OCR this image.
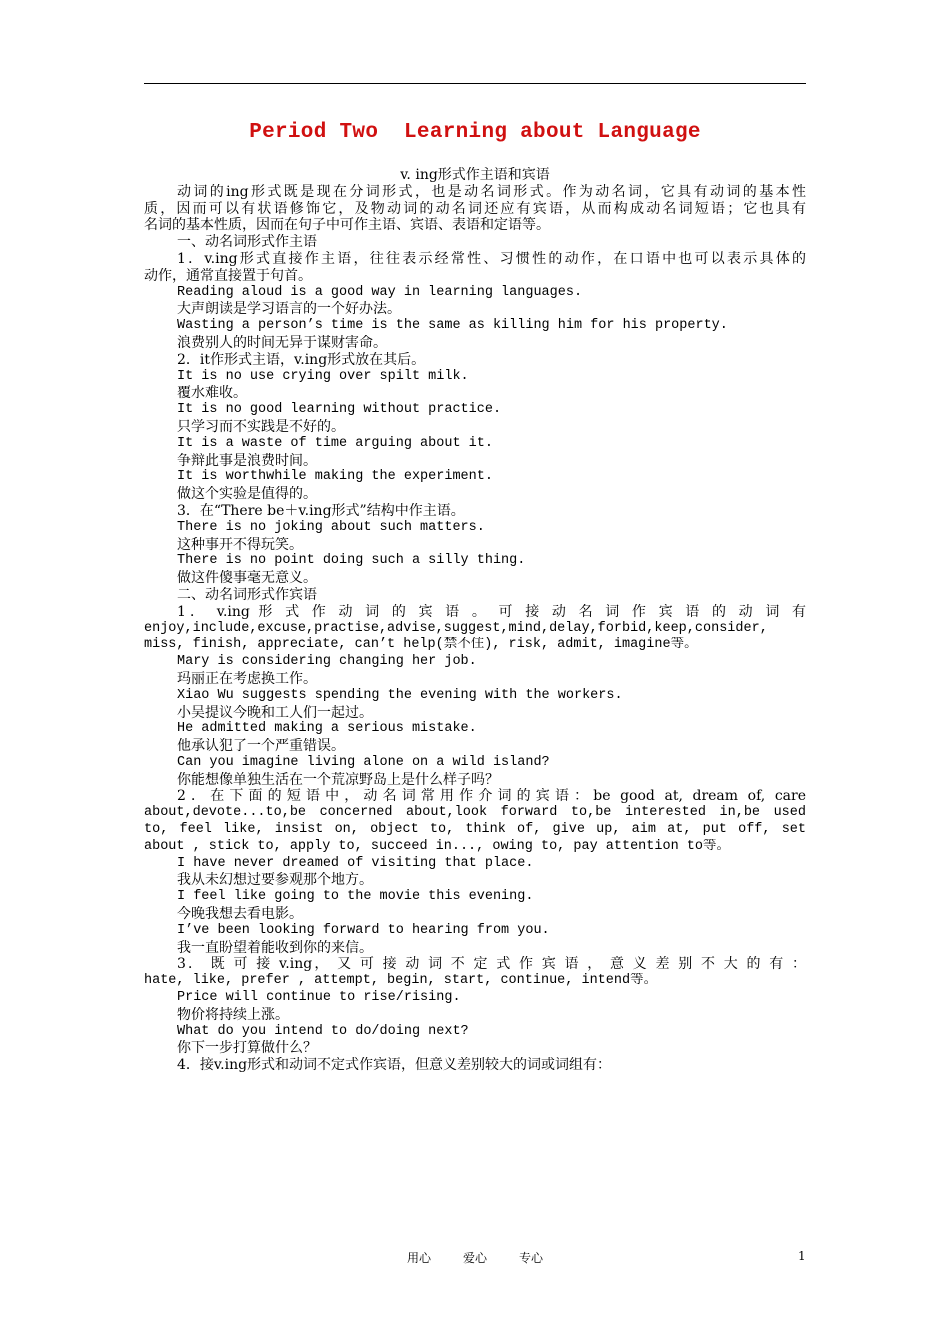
Period Two  Learning about Language
v. ing形式作主语和宾语
动词的ing形式既是现在分词形式，也是动名词形式。作为动名词，它具有动词的基本性
质，因而可以有状语修饰它，及物动词的动名词还应有宾语，从而构成动名词短语；它也具有
名词的基本性质，因而在句子中可作主语、宾语、表语和定语等。
一、动名词形式作主语
1．v.ing形式直接作主语，往往表示经常性、习惯性的动作，在口语中也可以表示具体的
动作，通常直接置于句首。
Reading aloud is a good way in learning languages.
大声朗读是学习语言的一个好办法。
Wasting a person’s time is the same as killing him for his property.
浪费别人的时间无异于谋财害命。
2．it作形式主语，v.ing形式放在其后。
It is no use crying over spilt milk.
覆水难收。
It is no good learning without practice.
只学习而不实践是不好的。
It is a waste of time arguing about it.
争辩此事是浪费时间。
It is worthwhile making the experiment.
做这个实验是值得的。
3．在“There be＋v.ing形式”结构中作主语。
There is no joking about such matters.
这种事开不得玩笑。
There is no point doing such a silly thing.
做这件傻事毫无意义。
二、动名词形式作宾语
1． v.ing 形 式 作 动 词 的 宾 语 。 可 接 动 名 词 作 宾 语 的 动 词 有
enjoy,include,excuse,practise,advise,suggest,mind,delay,forbid,keep,consider,
miss, finish, appreciate, can’t help(禁不住), risk, admit, imagine等。
Mary is considering changing her job.
玛丽正在考虑换工作。
Xiao Wu suggests spending the evening with the workers.
小吴提议今晚和工人们一起过。
He admitted making a serious mistake.
他承认犯了一个严重错误。
Can you imagine living alone on a wild island?
你能想像单独生活在一个荒凉野岛上是什么样子吗？
2．在下面的短语中，动名词常用作介词的宾语：be good at, dream of, care
about,devote...to,be concerned about,look forward to,be interested in,be used
to, feel like, insist on, object to, think of, give up, aim at, put off, set
about , stick to, apply to, succeed in..., owing to, pay attention to等。
I have never dreamed of visiting that place.
我从未幻想过要参观那个地方。
I feel like going to the movie this evening.
今晚我想去看电影。
I’ve been looking forward to hearing from you.
我一直盼望着能收到你的来信。
3． 既 可 接 v.ing， 又 可 接 动 词 不 定 式 作 宾 语 ， 意 义 差 别 不 大 的 有 ：
hate, like, prefer , attempt, begin, start, continue, intend等。
Price will continue to rise/rising.
物价将持续上涨。
What do you intend to do/doing next?
你下一步打算做什么？
4．接v.ing形式和动词不定式作宾语，但意义差别较大的词或词组有：
用心	爱心	专心	1
